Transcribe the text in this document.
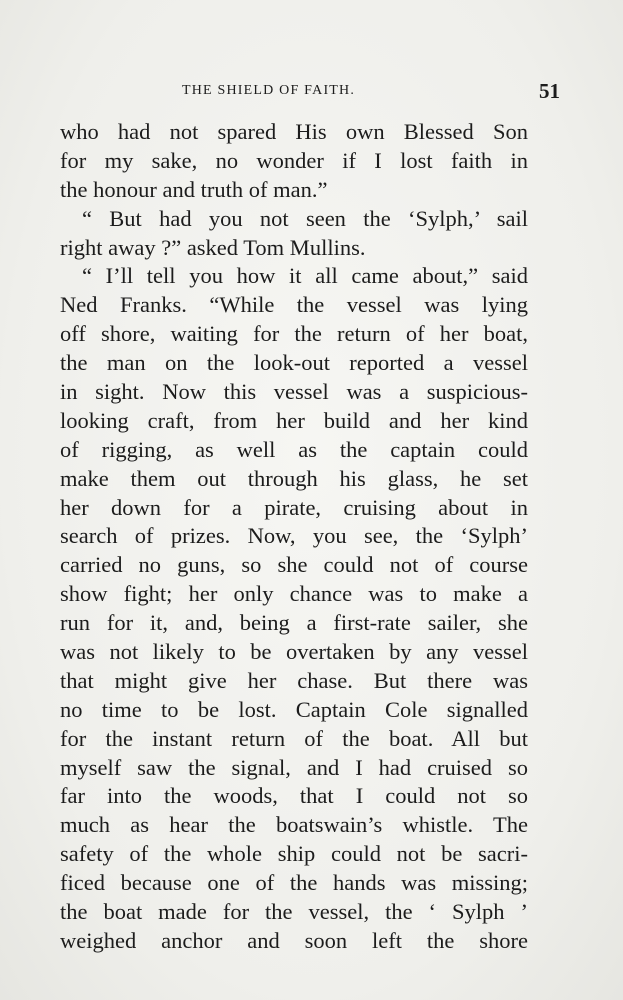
THE SHIELD OF FAITH.	51
who had not spared His own Blessed Son
for my sake, no wonder if I lost faith in
the honour and truth of man.”
“ But had you not seen the ‘Sylph,’ sail
right away ?” asked Tom Mullins.
“ I’ll tell you how it all came about,” said
Ned Franks. “While the vessel was lying
off shore, waiting for the return of her boat,
the man on the look-out reported a vessel
in sight. Now this vessel was a suspicious-
looking craft, from her build and her kind
of rigging, as well as the captain could
make them out through his glass, he set
her down for a pirate, cruising about in
search of prizes. Now, you see, the ‘Sylph’
carried no guns, so she could not of course
show fight; her only chance was to make a
run for it, and, being a first-rate sailer, she
was not likely to be overtaken by any vessel
that might give her chase. But there was
no time to be lost. Captain Cole signalled
for the instant return of the boat. All but
myself saw the signal, and I had cruised so
far into the woods, that I could not so
much as hear the boatswain’s whistle. The
safety of the whole ship could not be sacri-
ficed because one of the hands was missing;
the boat made for the vessel, the ‘ Sylph ’
weighed anchor and soon left the shore
